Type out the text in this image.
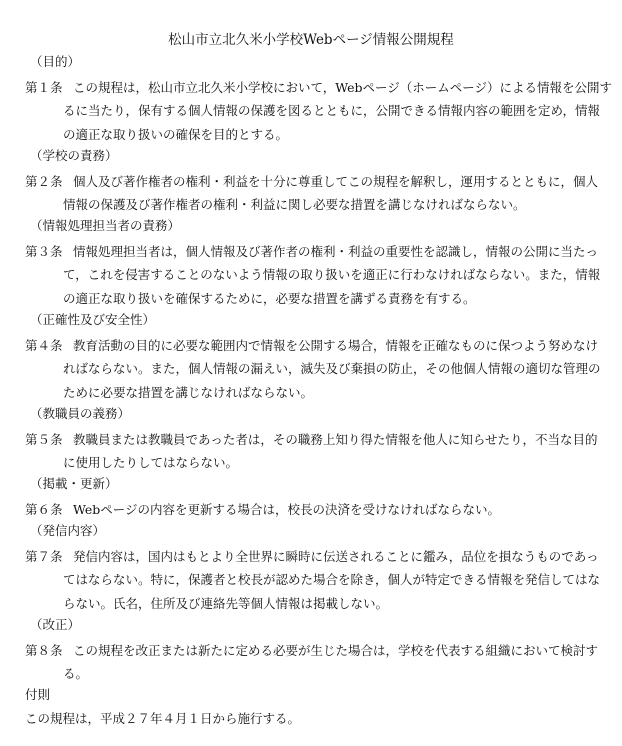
松山市立北久米小学校Webページ情報公開規程
（目的）
第１条 この規程は，松山市立北久米小学校において，Webページ（ホームページ）による情報を公開す
るに当たり，保有する個人情報の保護を図るとともに，公開できる情報内容の範囲を定め，情報
の適正な取り扱いの確保を目的とする。
（学校の責務）
第２条 個人及び著作権者の権利・利益を十分に尊重してこの規程を解釈し，運用するとともに，個人
情報の保護及び著作権者の権利・利益に関し必要な措置を講じなければならない。
（情報処理担当者の責務）
第３条 情報処理担当者は，個人情報及び著作者の権利・利益の重要性を認識し，情報の公開に当たっ
て，これを侵害することのないよう情報の取り扱いを適正に行わなければならない。また，情報
の適正な取り扱いを確保するために，必要な措置を講ずる責務を有する。
（正確性及び安全性）
第４条 教育活動の目的に必要な範囲内で情報を公開する場合，情報を正確なものに保つよう努めなけ
ればならない。また，個人情報の漏えい，滅失及び棄損の防止，その他個人情報の適切な管理の
ために必要な措置を講じなければならない。
（教職員の義務）
第５条 教職員または教職員であった者は，その職務上知り得た情報を他人に知らせたり，不当な目的
に使用したりしてはならない。
（掲載・更新）
第６条 Webページの内容を更新する場合は，校長の決済を受けなければならない。
（発信内容）
第７条 発信内容は，国内はもとより全世界に瞬時に伝送されることに鑑み，品位を損なうものであっ
てはならない。特に，保護者と校長が認めた場合を除き，個人が特定できる情報を発信してはな
らない。氏名，住所及び連絡先等個人情報は掲載しない。
（改正）
第８条 この規程を改正または新たに定める必要が生じた場合は，学校を代表する組織において検討す
る。
付則
この規程は，平成２７年４月１日から施行する。
